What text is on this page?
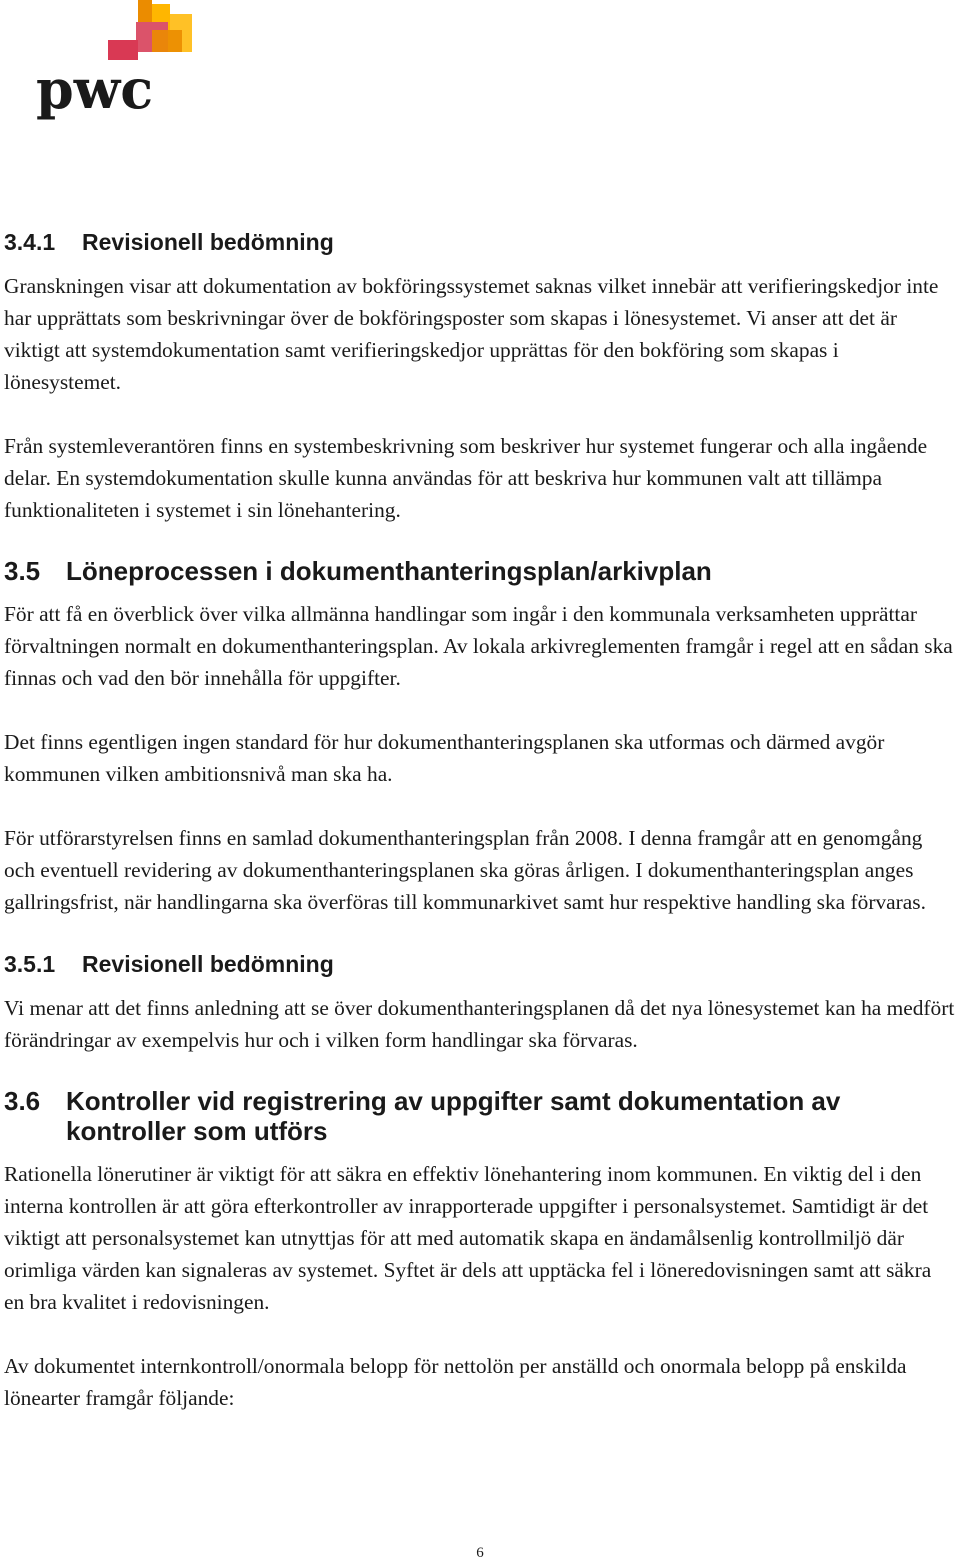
pwc
3.4.1	Revisionell bedömning

Granskningen visar att dokumentation av bokföringssystemet saknas vilket innebär att verifieringskedjor inte har upprättats som beskrivningar över de bokföringsposter som skapas i lönesystemet. Vi anser att det är viktigt att systemdokumentation samt verifieringskedjor upprättas för den bokföring som skapas i lönesystemet.

Från systemleverantören finns en systembeskrivning som beskriver hur systemet fungerar och alla ingående delar. En systemdokumentation skulle kunna användas för att beskriva hur kommunen valt att tillämpa funktionaliteten i systemet i sin lönehantering.

3.5 Löneprocessen i dokumenthanteringsplan/arkivplan

För att få en överblick över vilka allmänna handlingar som ingår i den kommunala verksamheten upprättar förvaltningen normalt en dokumenthanteringsplan. Av lokala arkivreglementen framgår i regel att en sådan ska finnas och vad den bör innehålla för uppgifter.

Det finns egentligen ingen standard för hur dokumenthanteringsplanen ska utformas och därmed avgör kommunen vilken ambitionsnivå man ska ha.

För utförarstyrelsen finns en samlad dokumenthanteringsplan från 2008. I denna framgår att en genomgång och eventuell revidering av dokumenthanteringsplanen ska göras årligen. I dokumenthanteringsplan anges gallringsfrist, när handlingarna ska överföras till kommunarkivet samt hur respektive handling ska förvaras.

3.5.1	Revisionell bedömning

Vi menar att det finns anledning att se över dokumenthanteringsplanen då det nya lönesystemet kan ha medfört förändringar av exempelvis hur och i vilken form handlingar ska förvaras.

3.6 Kontroller vid registrering av uppgifter samt dokumentation av kontroller som utförs

Rationella lönerutiner är viktigt för att säkra en effektiv lönehantering inom kommunen. En viktig del i den interna kontrollen är att göra efterkontroller av inrapporterade uppgifter i personalsystemet. Samtidigt är det viktigt att personalsystemet kan utnyttjas för att med automatik skapa en ändamålsenlig kontrollmiljö där orimliga värden kan signaleras av systemet. Syftet är dels att upptäcka fel i löneredovisningen samt att säkra en bra kvalitet i redovisningen.

Av dokumentet internkontroll/onormala belopp för nettolön per anställd och onormala belopp på enskilda lönearter framgår följande:

6
